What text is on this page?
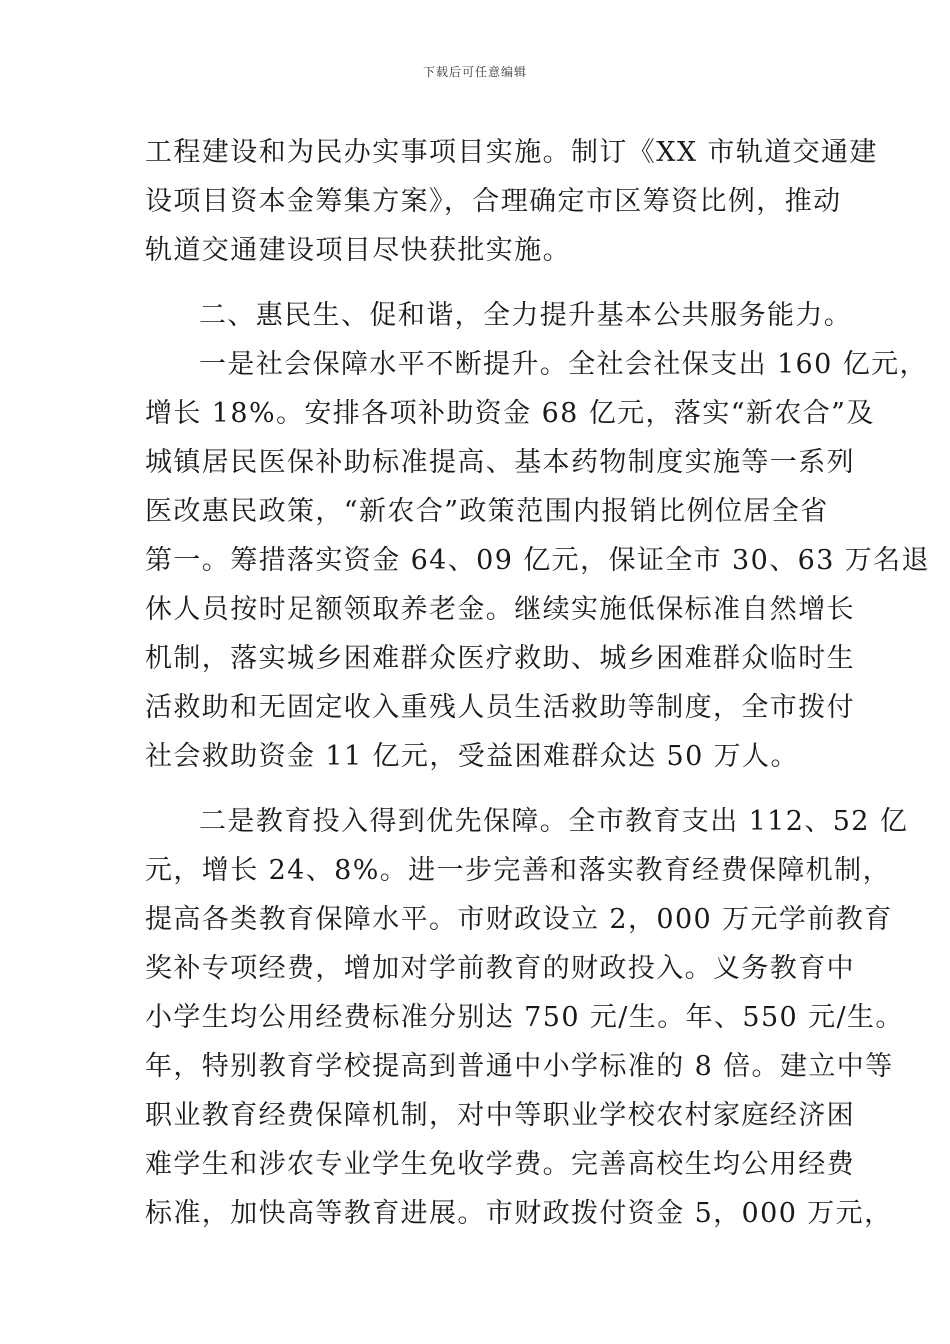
下载后可任意编辑
工程建设和为民办实事项目实施。制订《XX 市轨道交通建
设项目资本金筹集方案》，合理确定市区筹资比例，推动
轨道交通建设项目尽快获批实施。
二、惠民生、促和谐，全力提升基本公共服务能力。
一是社会保障水平不断提升。全社会社保支出 160 亿元，
增长 18%。安排各项补助资金 68 亿元，落实“新农合”及
城镇居民医保补助标准提高、基本药物制度实施等一系列
医改惠民政策，“新农合”政策范围内报销比例位居全省
第一。筹措落实资金 64、09 亿元，保证全市 30、63 万名退
休人员按时足额领取养老金。继续实施低保标准自然增长
机制，落实城乡困难群众医疗救助、城乡困难群众临时生
活救助和无固定收入重残人员生活救助等制度，全市拨付
社会救助资金 11 亿元，受益困难群众达 50 万人。
二是教育投入得到优先保障。全市教育支出 112、52 亿
元，增长 24、8%。进一步完善和落实教育经费保障机制，
提高各类教育保障水平。市财政设立 2，000 万元学前教育
奖补专项经费，增加对学前教育的财政投入。义务教育中
小学生均公用经费标准分别达 750 元/生。年、550 元/生。
年，特别教育学校提高到普通中小学标准的 8 倍。建立中等
职业教育经费保障机制，对中等职业学校农村家庭经济困
难学生和涉农专业学生免收学费。完善高校生均公用经费
标准，加快高等教育进展。市财政拨付资金 5，000 万元，
